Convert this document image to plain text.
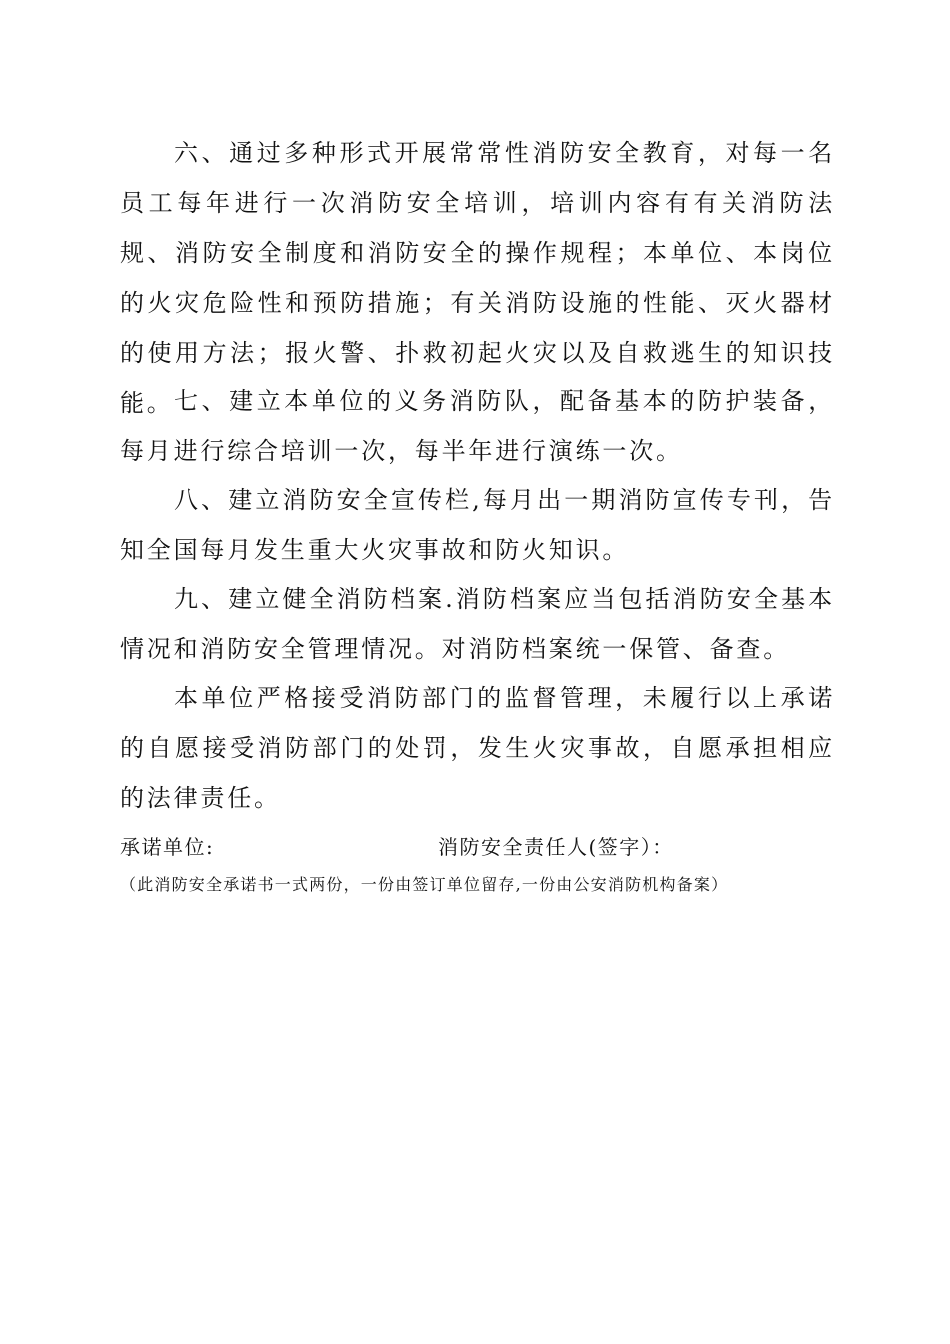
六、通过多种形式开展常常性消防安全教育，对每一名员工每年进行一次消防安全培训，培训内容有有关消防法规、消防安全制度和消防安全的操作规程；本单位、本岗位的火灾危险性和预防措施；有关消防设施的性能、灭火器材的使用方法；报火警、扑救初起火灾以及自救逃生的知识技能。 七、建立本单位的义务消防队，配备基本的防护装备，每月进行综合培训一次，每半年进行演练一次。

八、建立消防安全宣传栏,每月出一期消防宣传专刊，告知全国每月发生重大火灾事故和防火知识。

九、建立健全消防档案.消防档案应当包括消防安全基本情况和消防安全管理情况。对消防档案统一保管、备查。

本单位严格接受消防部门的监督管理，未履行以上承诺的自愿接受消防部门的处罚，发生火灾事故，自愿承担相应的法律责任。

承诺单位:	消防安全责任人(签字）：
（此消防安全承诺书一式两份，一份由签订单位留存,一份由公安消防机构备案）
